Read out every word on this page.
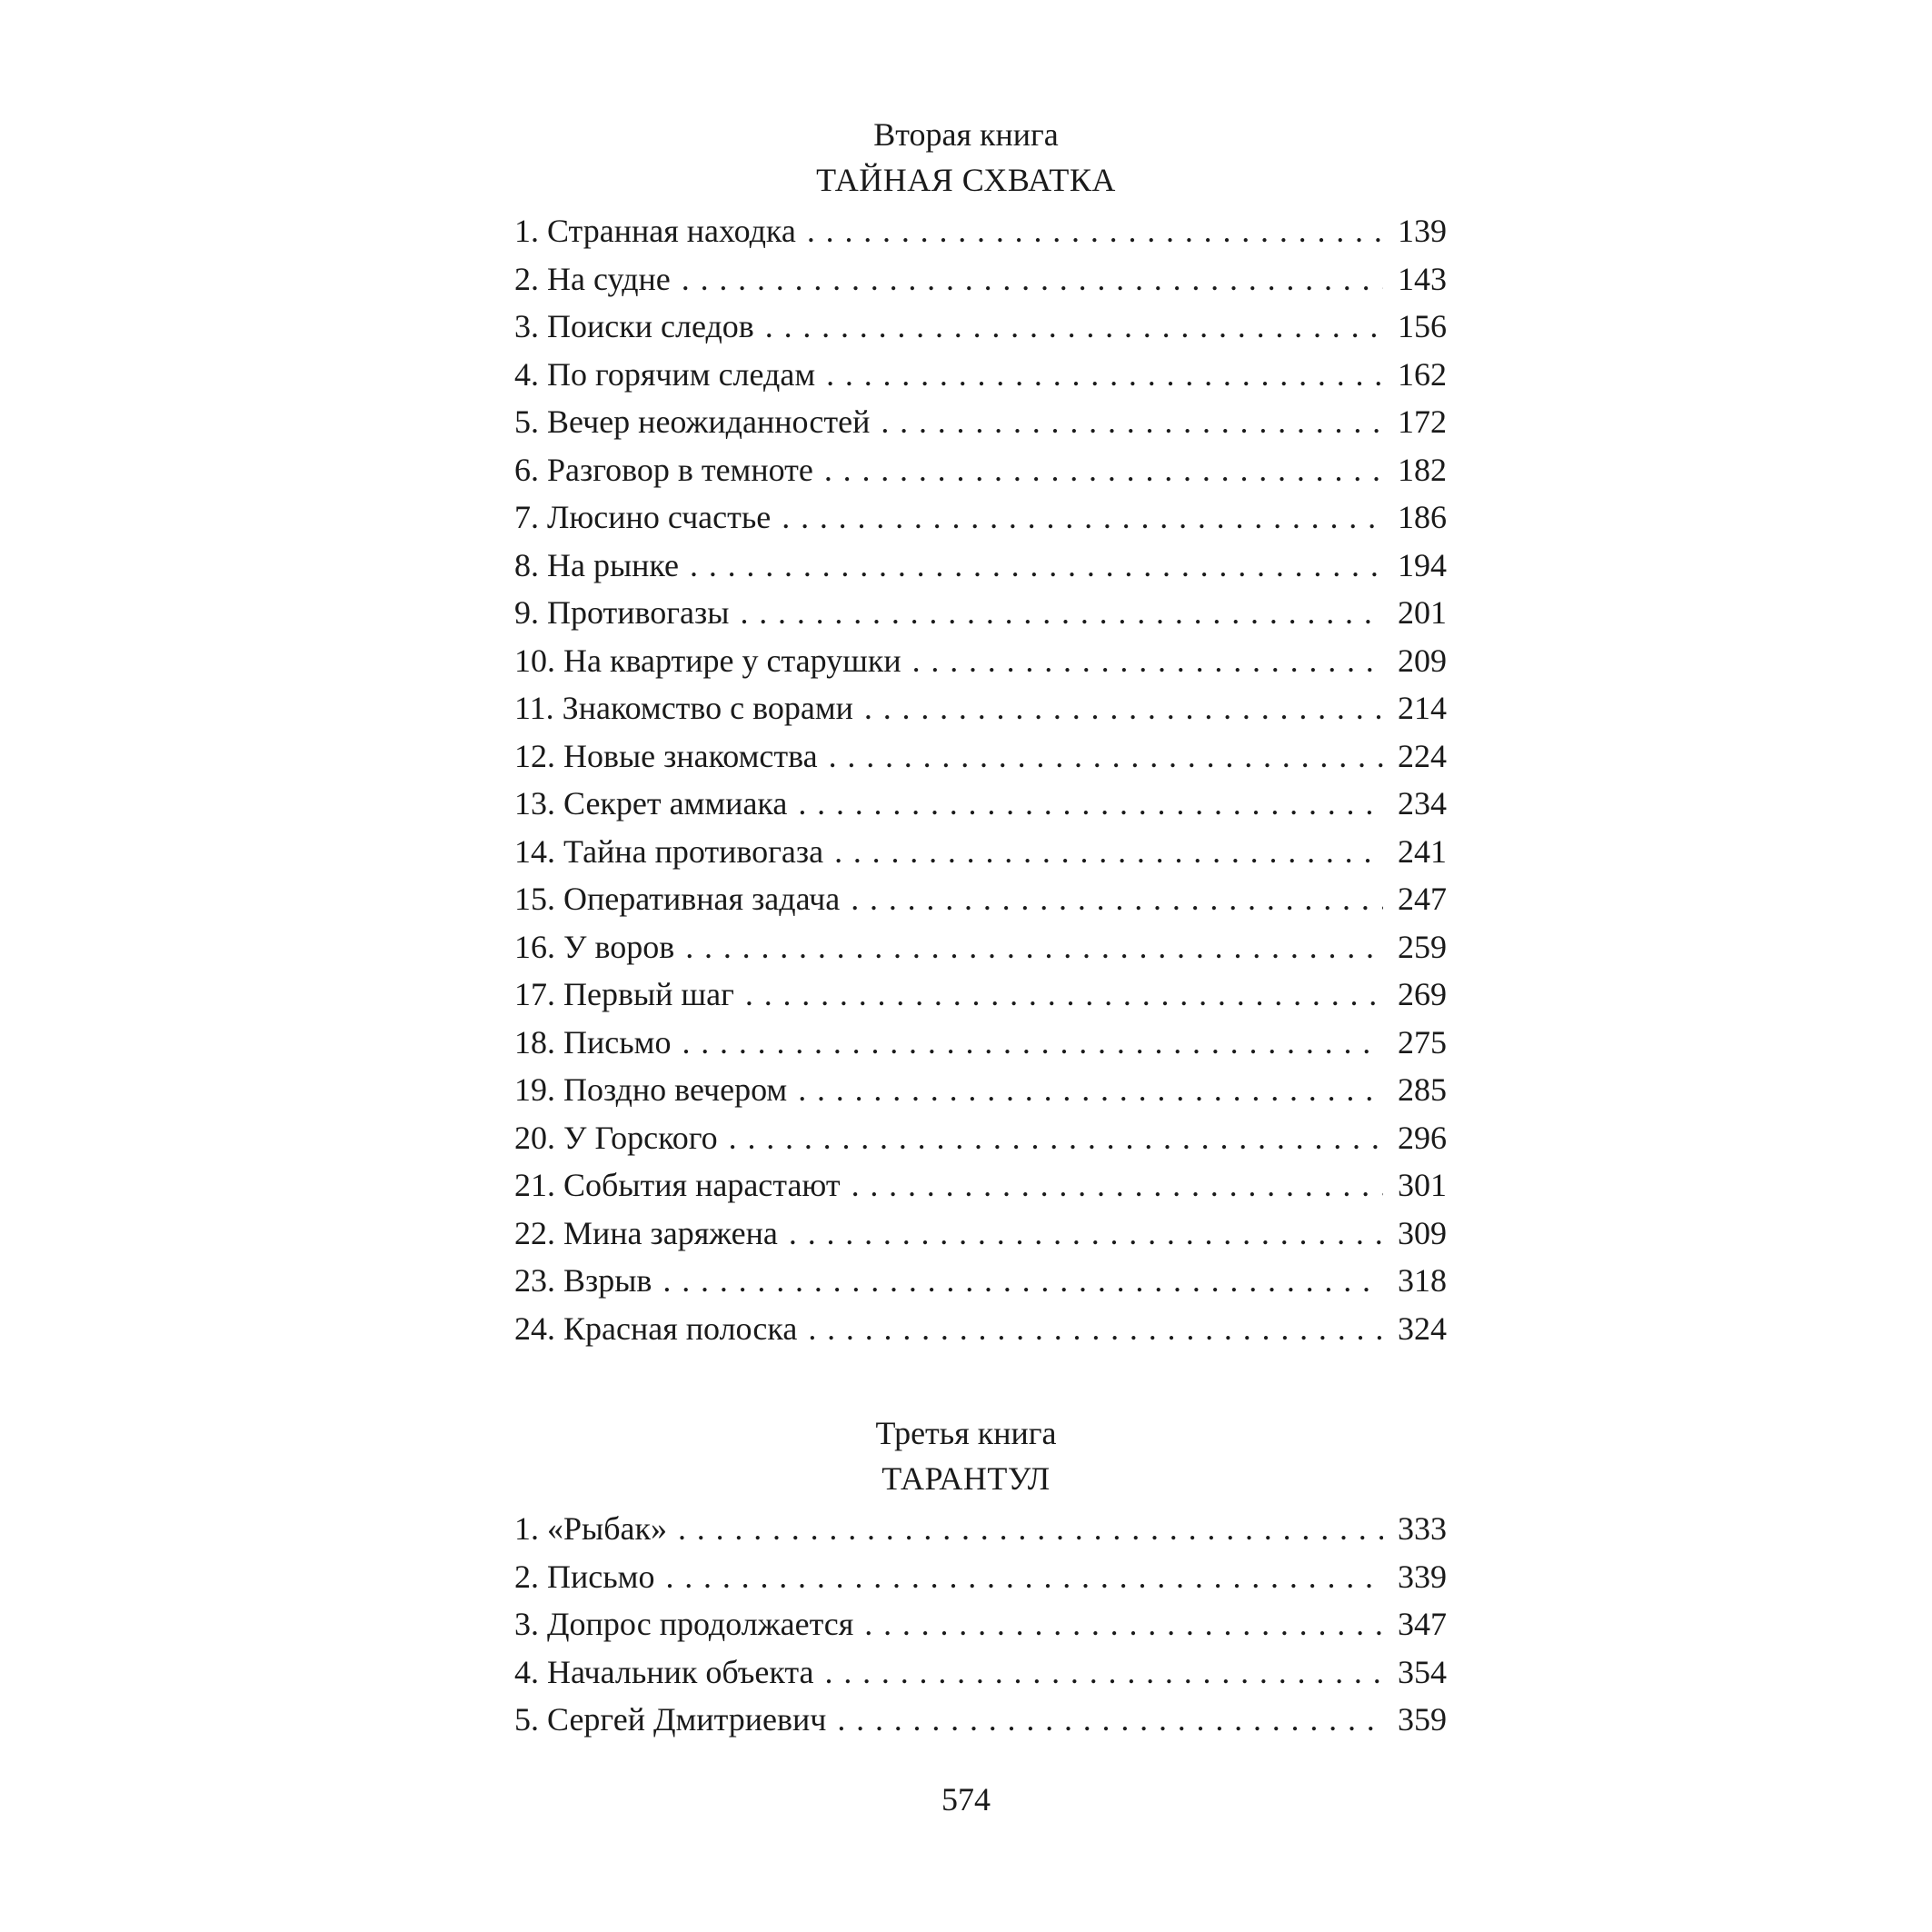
Вторая книга
ТАЙНАЯ СХВАТКА
1. Странная находка . . .	139
2. На судне . . .	143
3. Поиски следов . . .	156
4. По горячим следам . . .	162
5. Вечер неожиданностей . . .	172
6. Разговор в темноте . . .	182
7. Люсино счастье . . .	186
8. На рынке . . .	194
9. Противогазы . . .	201
10. На квартире у старушки . . .	209
11. Знакомство с ворами . . .	214
12. Новые знакомства . . .	224
13. Секрет аммиака . . .	234
14. Тайна противогаза . . .	241
15. Оперативная задача . . .	247
16. У воров . . .	259
17. Первый шаг . . .	269
18. Письмо . . .	275
19. Поздно вечером . . .	285
20. У Горского . . .	296
21. События нарастают . . .	301
22. Мина заряжена . . .	309
23. Взрыв . . .	318
24. Красная полоска . . .	324
Третья книга
ТАРАНТУЛ
1. «Рыбак» . . .	333
2. Письмо . . .	339
3. Допрос продолжается . . .	347
4. Начальник объекта . . .	354
5. Сергей Дмитриевич . . .	359
574
